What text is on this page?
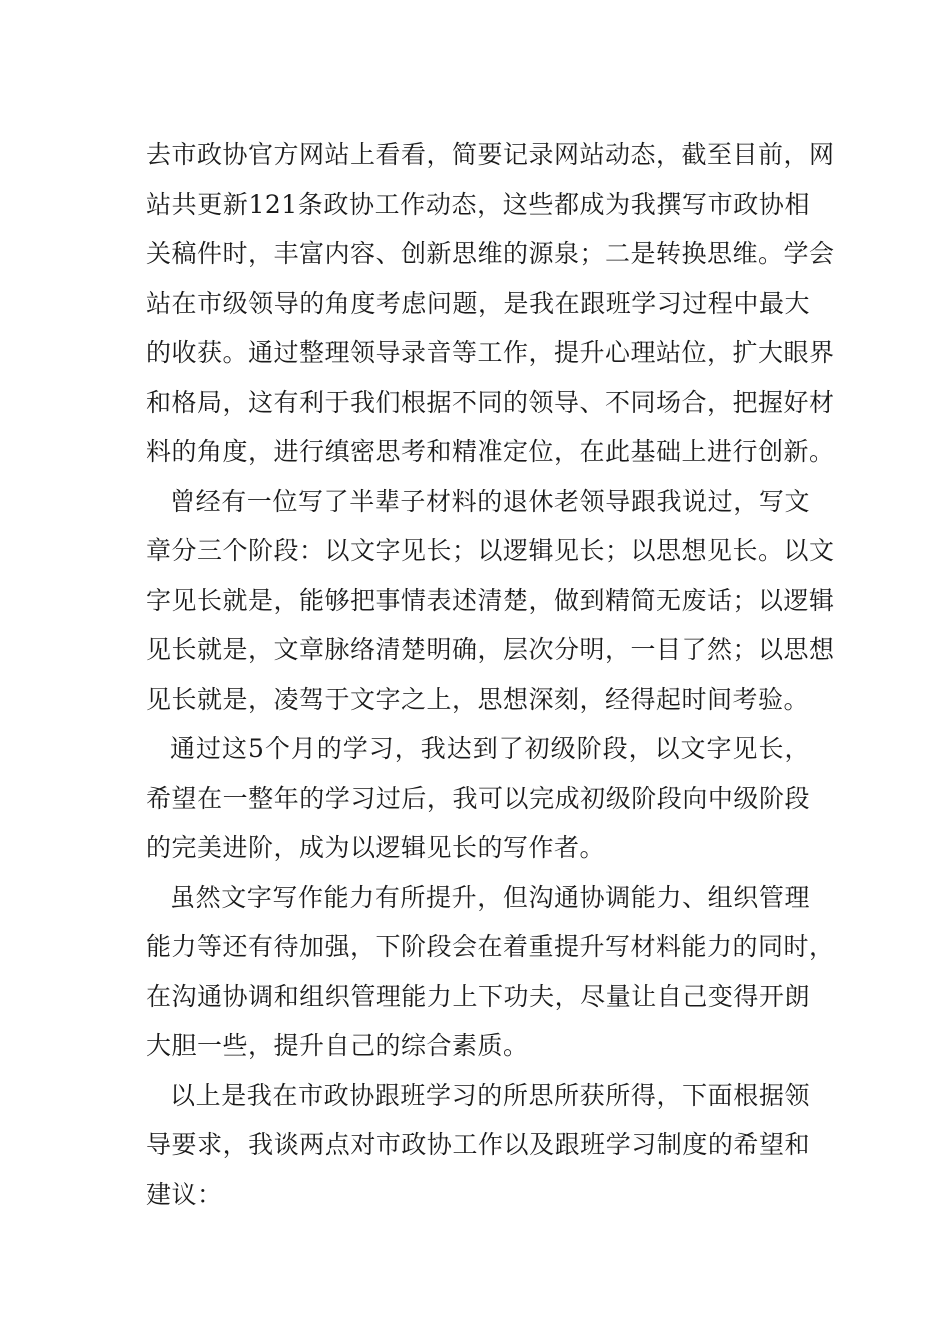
去市政协官方网站上看看，简要记录网站动态，截至目前，网
站共更新121条政协工作动态，这些都成为我撰写市政协相
关稿件时，丰富内容、创新思维的源泉；二是转换思维。学会
站在市级领导的角度考虑问题，是我在跟班学习过程中最大
的收获。通过整理领导录音等工作，提升心理站位，扩大眼界
和格局，这有利于我们根据不同的领导、不同场合，把握好材
料的角度，进行缜密思考和精准定位，在此基础上进行创新。
曾经有一位写了半辈子材料的退休老领导跟我说过，写文
章分三个阶段：以文字见长；以逻辑见长；以思想见长。以文
字见长就是，能够把事情表述清楚，做到精简无废话；以逻辑
见长就是，文章脉络清楚明确，层次分明，一目了然；以思想
见长就是，凌驾于文字之上，思想深刻，经得起时间考验。
通过这5个月的学习，我达到了初级阶段，以文字见长，
希望在一整年的学习过后，我可以完成初级阶段向中级阶段
的完美进阶，成为以逻辑见长的写作者。
虽然文字写作能力有所提升，但沟通协调能力、组织管理
能力等还有待加强，下阶段会在着重提升写材料能力的同时，
在沟通协调和组织管理能力上下功夫，尽量让自己变得开朗
大胆一些，提升自己的综合素质。
以上是我在市政协跟班学习的所思所获所得，下面根据领
导要求，我谈两点对市政协工作以及跟班学习制度的希望和
建议：
